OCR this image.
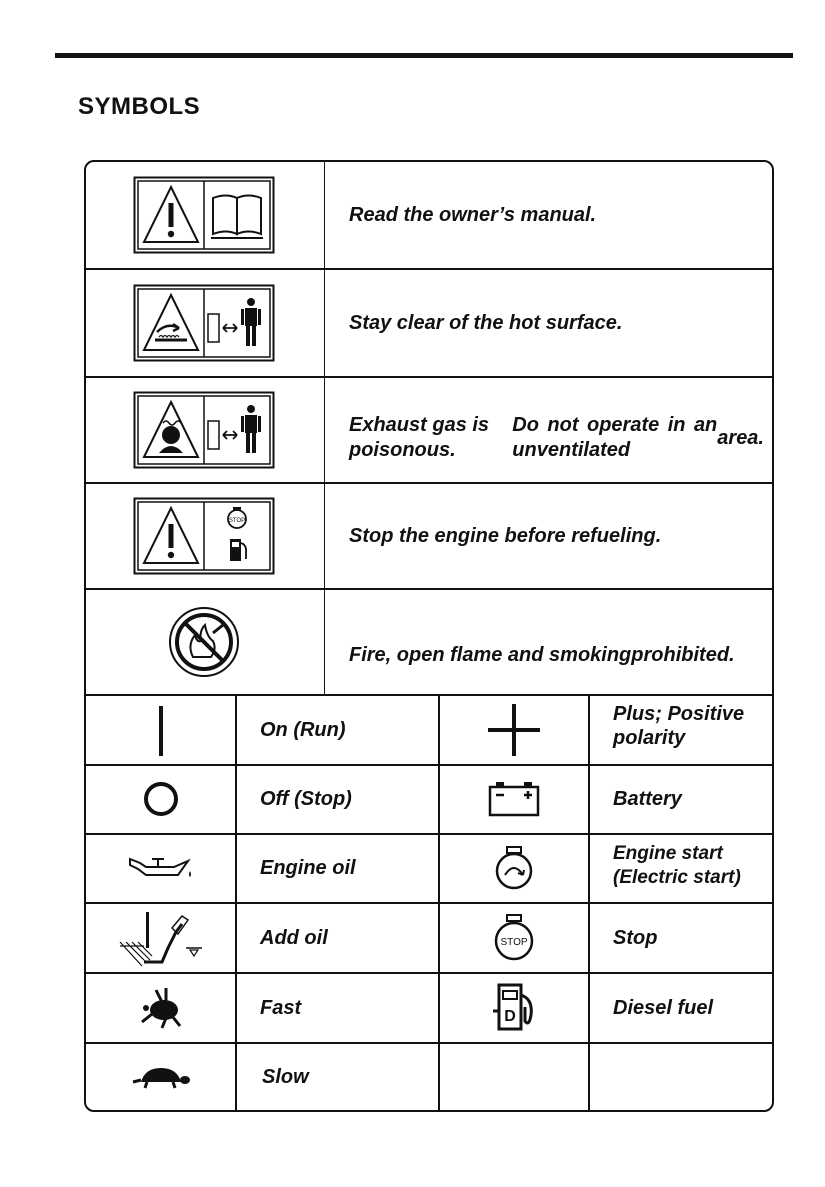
SYMBOLS
Read the owner’s manual.
Stay clear of the hot surface.
Exhaust gas is poisonous.
Do not operate in an unventilated
area.
STOP
Stop the engine before refueling.
Fire, open flame and smoking prohibited.
On (Run)
Off (Stop)
Engine oil
Add oil
Fast
Slow
Plus; Positive
polarity
Battery
Engine start
(Electric start)
STOP	Stop
D	Diesel fuel
